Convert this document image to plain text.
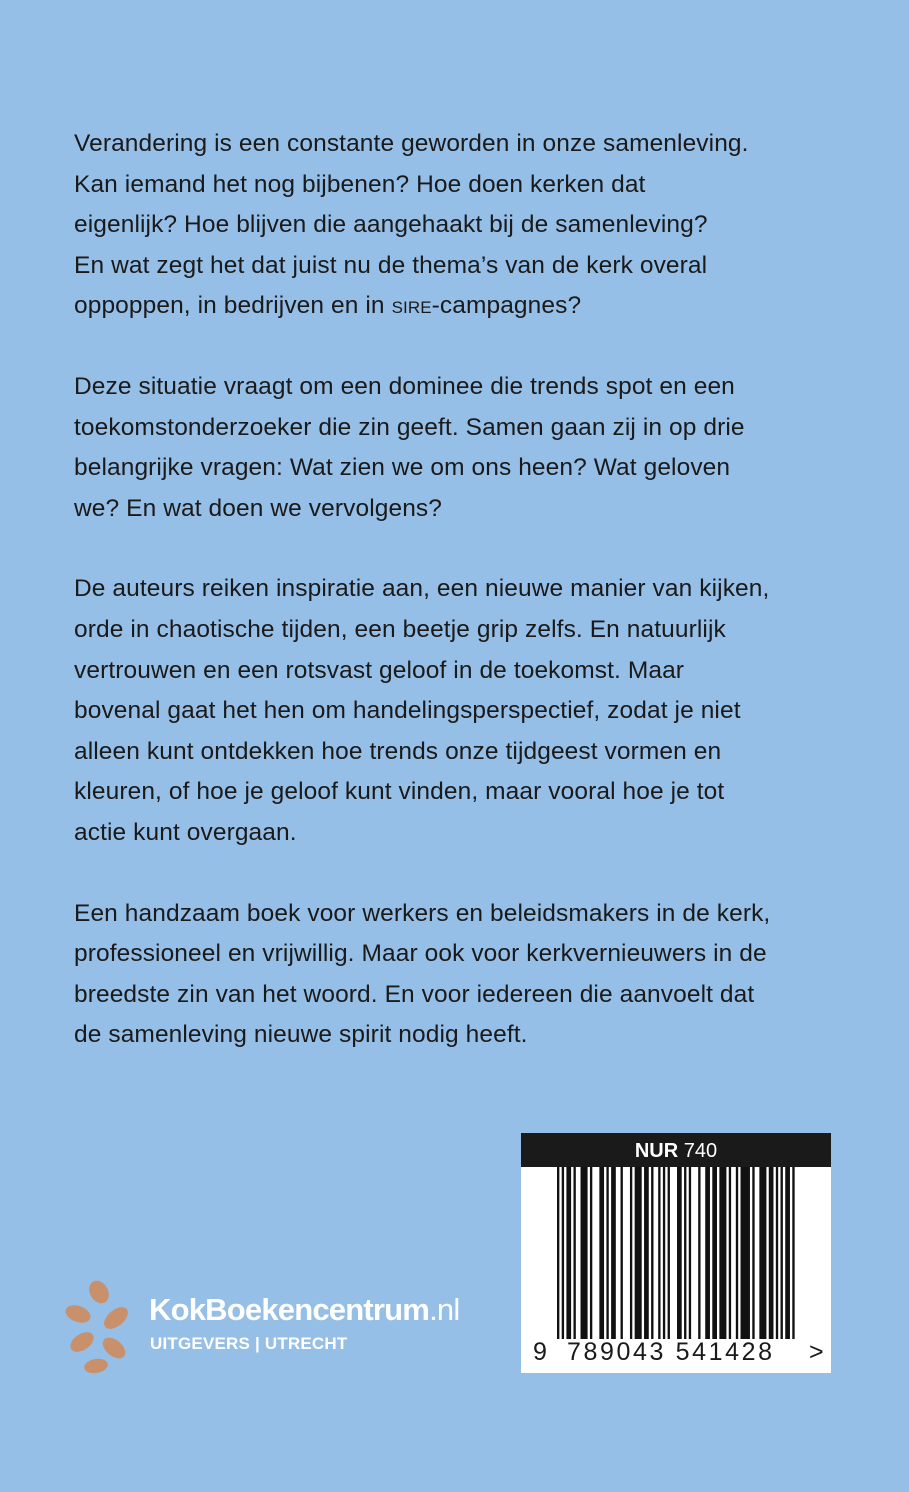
Verandering is een constante geworden in onze samenleving.
Kan iemand het nog bijbenen? Hoe doen kerken dat
eigenlijk? Hoe blijven die aangehaakt bij de samenleving?
En wat zegt het dat juist nu de thema’s van de kerk overal
oppoppen, in bedrijven en in sire-campagnes?

Deze situatie vraagt om een dominee die trends spot en een
toekomstonderzoeker die zin geeft. Samen gaan zij in op drie
belangrijke vragen: Wat zien we om ons heen? Wat geloven
we? En wat doen we vervolgens?

De auteurs reiken inspiratie aan, een nieuwe manier van kijken,
orde in chaotische tijden, een beetje grip zelfs. En natuurlijk
vertrouwen en een rotsvast geloof in de toekomst. Maar
bovenal gaat het hen om handelingsperspectief, zodat je niet
alleen kunt ontdekken hoe trends onze tijdgeest vormen en
kleuren, of hoe je geloof kunt vinden, maar vooral hoe je tot
actie kunt overgaan.

Een handzaam boek voor werkers en beleidsmakers in de kerk,
professioneel en vrijwillig. Maar ook voor kerkvernieuwers in de
breedste zin van het woord. En voor iedereen die aanvoelt dat
de samenleving nieuwe spirit nodig heeft.

NUR 740
9 789043 541428 >
KokBoekencentrum.nl
UITGEVERS | UTRECHT
